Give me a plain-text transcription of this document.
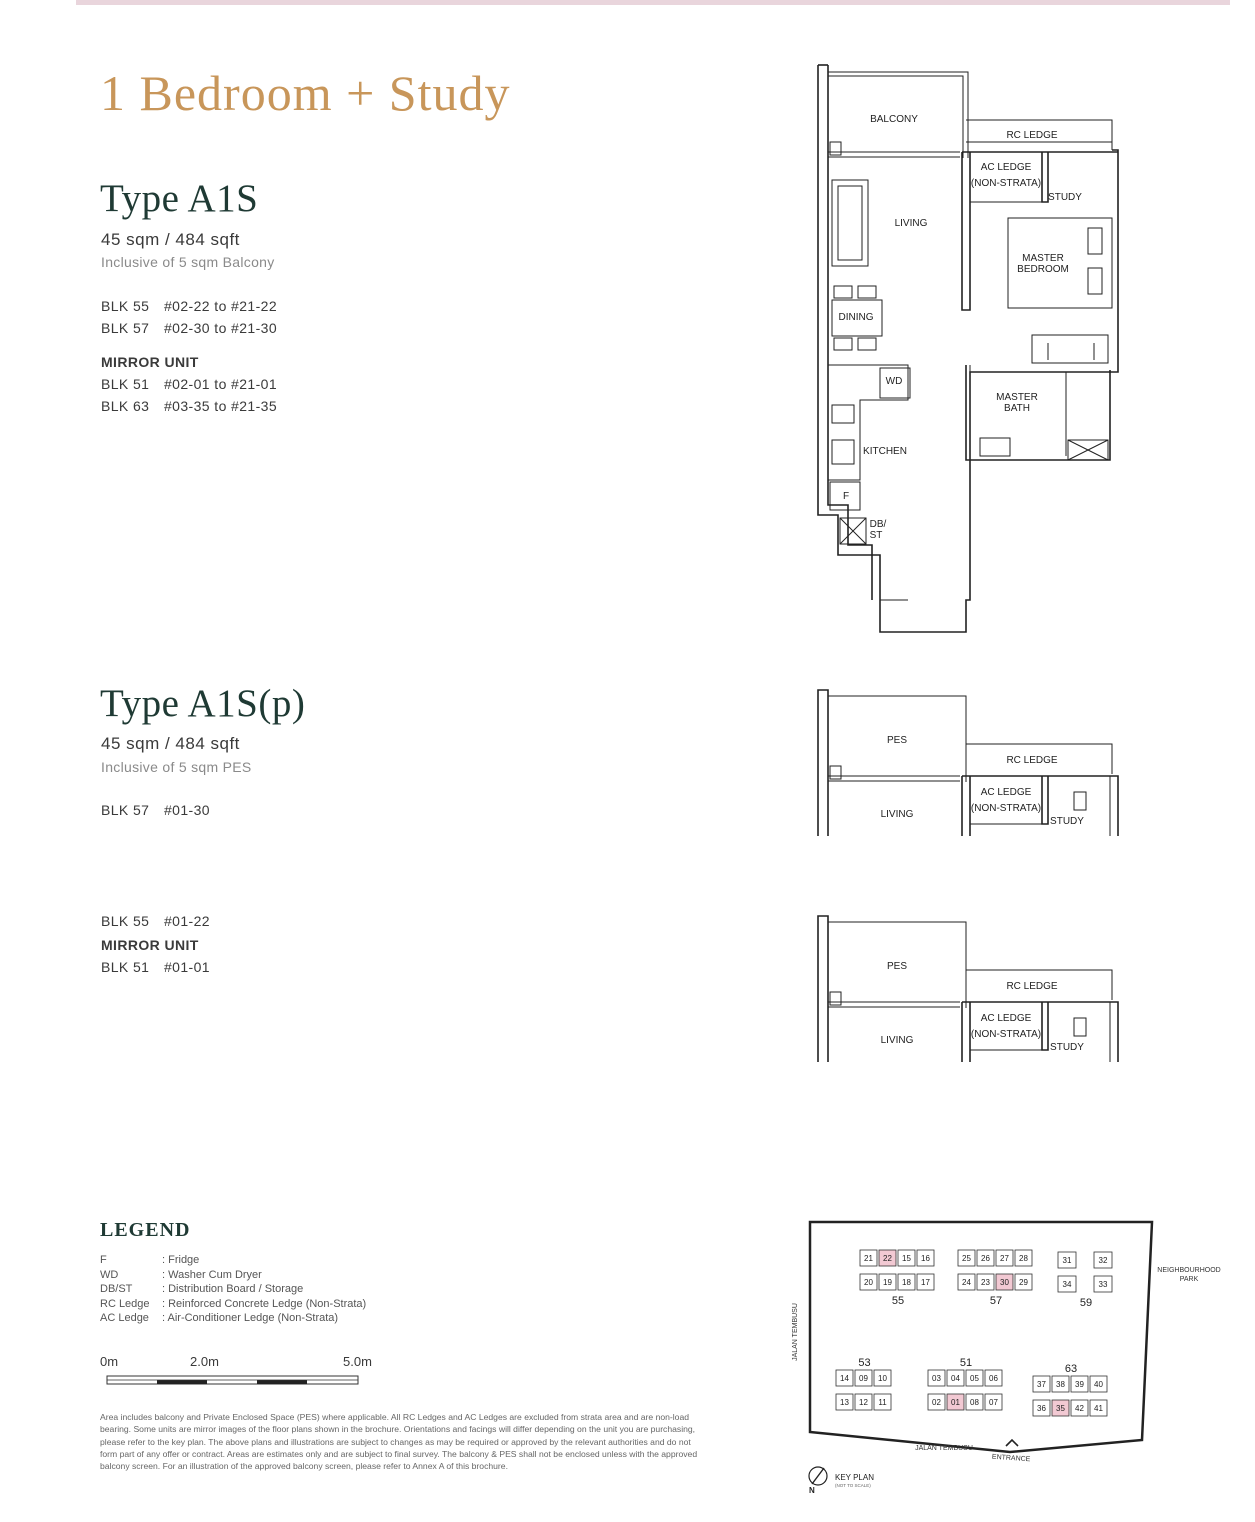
1 Bedroom + Study
Type A1S
45 sqm / 484 sqft
Inclusive of 5 sqm Balcony
BLK 55 #02-22 to #21-22
BLK 57 #02-30 to #21-30
MIRROR UNIT
BLK 51 #02-01 to #21-01
BLK 63 #03-35 to #21-35
Type A1S(p)
45 sqm / 484 sqft
Inclusive of 5 sqm PES
BLK 57 #01-30
BLK 55 #01-22
MIRROR UNIT
BLK 51 #01-01
BALCONY
RC LEDGE
AC LEDGE
(NON-STRATA)
STUDY
LIVING
MASTER
BEDROOM
DINING
WD
MASTER
BATH
KITCHEN
F
DB/
ST
PES
RC LEDGE
AC LEDGE
(NON-STRATA)
STUDY
LIVING
PES
RC LEDGE
AC LEDGE
(NON-STRATA)
STUDY
LIVING
LEGEND
F	: Fridge
WD	: Washer Cum Dryer
DB/ST	: Distribution Board / Storage
RC Ledge : Reinforced Concrete Ledge (Non-Strata)
AC Ledge : Air-Conditioner Ledge (Non-Strata)
0m	2.0m	5.0m
Area includes balcony and Private Enclosed Space (PES) where applicable. All RC Ledges and AC Ledges are excluded from strata area and are non-load bearing. Some units are mirror images of the floor plans shown in the brochure. Orientations and facings will differ depending on the unit you are purchasing, please refer to the key plan. The above plans and illustrations are subject to changes as may be required or approved by the relevant authorities and do not form part of any offer or contract. Areas are estimates only and are subject to final survey. The balcony & PES shall not be enclosed unless with the approved balcony screen. For an illustration of the approved balcony screen, please refer to Annex A of this brochure.
21 22 15 16
20 19 18 17
55
25 26 27 28
24 23 30 29
57
31	32
34	33
59
14 09 10
13 12 11
53
03 04 05 06
02 01 08 07
51
37 38 39 40
36 35 42 41
63
NEIGHBOURHOOD
PARK
JALAN TEMBUSU
JALAN TEMBUSU
ENTRANCE
N
KEY PLAN
(NOT TO SCALE)
